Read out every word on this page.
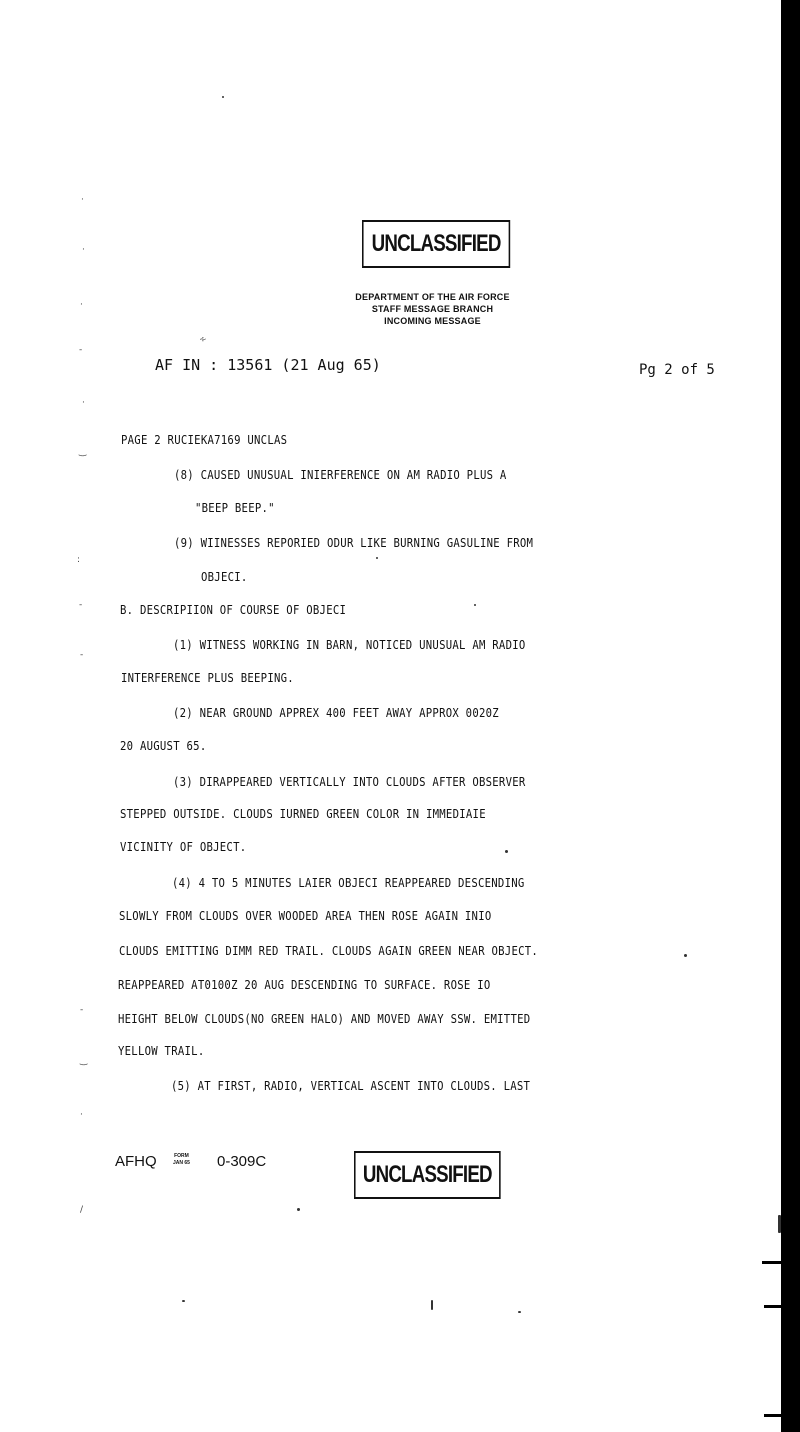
UNCLASSIFIED
DEPARTMENT OF THE AIR FORCE
STAFF MESSAGE BRANCH
INCOMING MESSAGE
AF IN : 13561 (21 Aug 65)	Pg 2 of 5
PAGE 2 RUCIEKA7169 UNCLAS
(8) CAUSED UNUSUAL INIERFERENCE ON AM RADIO PLUS A
"BEEP BEEP."
(9) WIINESSES REPORIED ODUR LIKE BURNING GASULINE FROM
OBJECI.
B. DESCRIPIION OF COURSE OF OBJECI
(1) WITNESS WORKING IN BARN, NOTICED UNUSUAL AM RADIO
INTERFERENCE PLUS BEEPING.
(2) NEAR GROUND APPREX 400 FEET AWAY APPROX 0020Z
20 AUGUST 65.
(3) DIRAPPEARED VERTICALLY INTO CLOUDS AFTER OBSERVER
STEPPED OUTSIDE. CLOUDS IURNED GREEN COLOR IN IMMEDIAIE
VICINITY OF OBJECT.
(4) 4 TO 5 MINUTES LAIER OBJECI REAPPEARED DESCENDING
SLOWLY FROM CLOUDS OVER WOODED AREA THEN ROSE AGAIN INIO
CLOUDS EMITTING DIMM RED TRAIL. CLOUDS AGAIN GREEN NEAR OBJECT.
REAPPEARED AT0100Z 20 AUG DESCENDING TO SURFACE. ROSE IO
HEIGHT BELOW CLOUDS(NO GREEN HALO) AND MOVED AWAY SSW. EMITTED
YELLOW TRAIL.
(5) AT FIRST, RADIO, VERTICAL ASCENT INTO CLOUDS. LAST
AFHQ	FORM
JAN 65 0-309C	UNCLASSIFIED
·
·
·
-
·
‿
:
-
-
-
‿
·
/
∻
